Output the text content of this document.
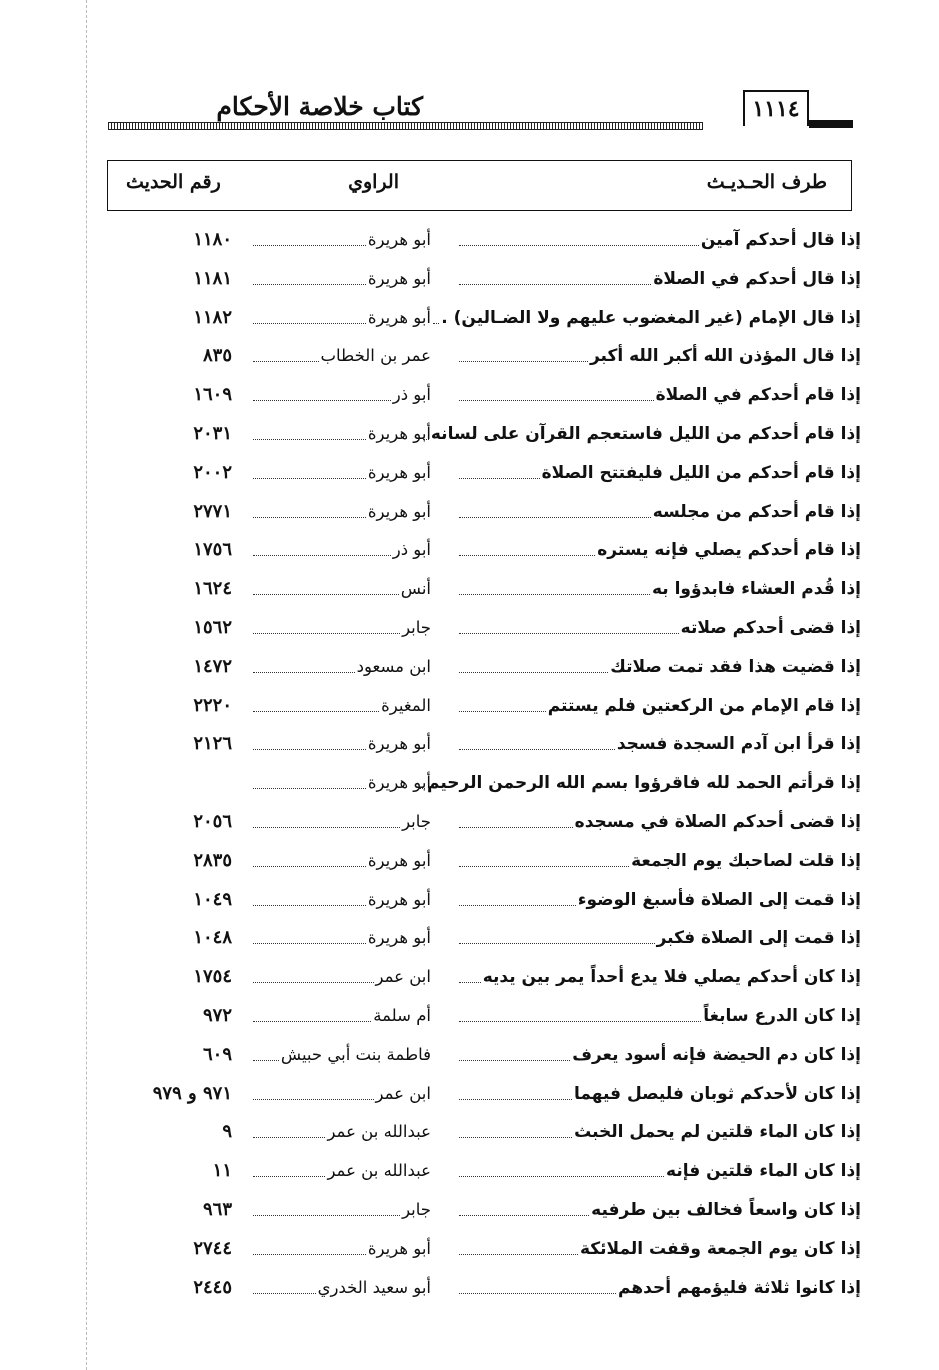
كتاب خلاصة الأحكام	١١١٤
طرف الحـديـث
الراوي
رقم الحديث
إذا قال أحدكم آمين
أبو هريرة
١١٨٠
إذا قال أحدكم في الصلاة
أبو هريرة
١١٨١
إذا قال الإمام (غير المغضوب عليهم ولا الضـالين) .
أبو هريرة
١١٨٢
إذا قال المؤذن الله أكبر الله أكبر
عمر بن الخطاب
٨٣٥
إذا قام أحدكم في الصلاة
أبو ذر
١٦٠٩
إذا قام أحدكم من الليل فاستعجم القرآن على لسانه
أبو هريرة
٢٠٣١
إذا قام أحدكم من الليل فليفتتح الصلاة
أبو هريرة
٢٠٠٢
إذا قام أحدكم من مجلسه
أبو هريرة
٢٧٧١
إذا قام أحدكم يصلي فإنه يستره
أبو ذر
١٧٥٦
إذا قُدم العشاء فابدؤوا به
أنس
١٦٢٤
إذا قضى أحدكم صلاته
جابر
١٥٦٢
إذا قضيت هذا فقد تمت صلاتك
ابن مسعود
١٤٧٢
إذا قام الإمام من الركعتين فلم يستتم
المغيرة
٢٢٢٠
إذا قرأ ابن آدم السجدة فسجد
أبو هريرة
٢١٢٦
إذا قرأتم الحمد لله فاقرؤوا بسم الله الرحمن الرحيم
أبو هريرة
إذا قضى أحدكم الصلاة في مسجده
جابر
٢٠٥٦
إذا قلت لصاحبك يوم الجمعة
أبو هريرة
٢٨٣٥
إذا قمت إلى الصلاة فأسبغ الوضوء
أبو هريرة
١٠٤٩
إذا قمت إلى الصلاة فكبر
أبو هريرة
١٠٤٨
إذا كان أحدكم يصلي فلا يدع أحداً يمر بين يديه
ابن عمر
١٧٥٤
إذا كان الدرع سابغاً
أم سلمة
٩٧٢
إذا كان دم الحيضة فإنه أسود يعرف
فاطمة بنت أبي حبيش
٦٠٩
إذا كان لأحدكم ثوبان فليصل فيهما
ابن عمر
٩٧١ و ٩٧٩
إذا كان الماء قلتين لم يحمل الخبث
عبدالله بن عمر
٩
إذا كان الماء قلتين فإنه
عبدالله بن عمر
١١
إذا كان واسعاً فخالف بين طرفيه
جابر
٩٦٣
إذا كان يوم الجمعة وقفت الملائكة
أبو هريرة
٢٧٤٤
إذا كانوا ثلاثة فليؤمهم أحدهم
أبو سعيد الخدري
٢٤٤٥
